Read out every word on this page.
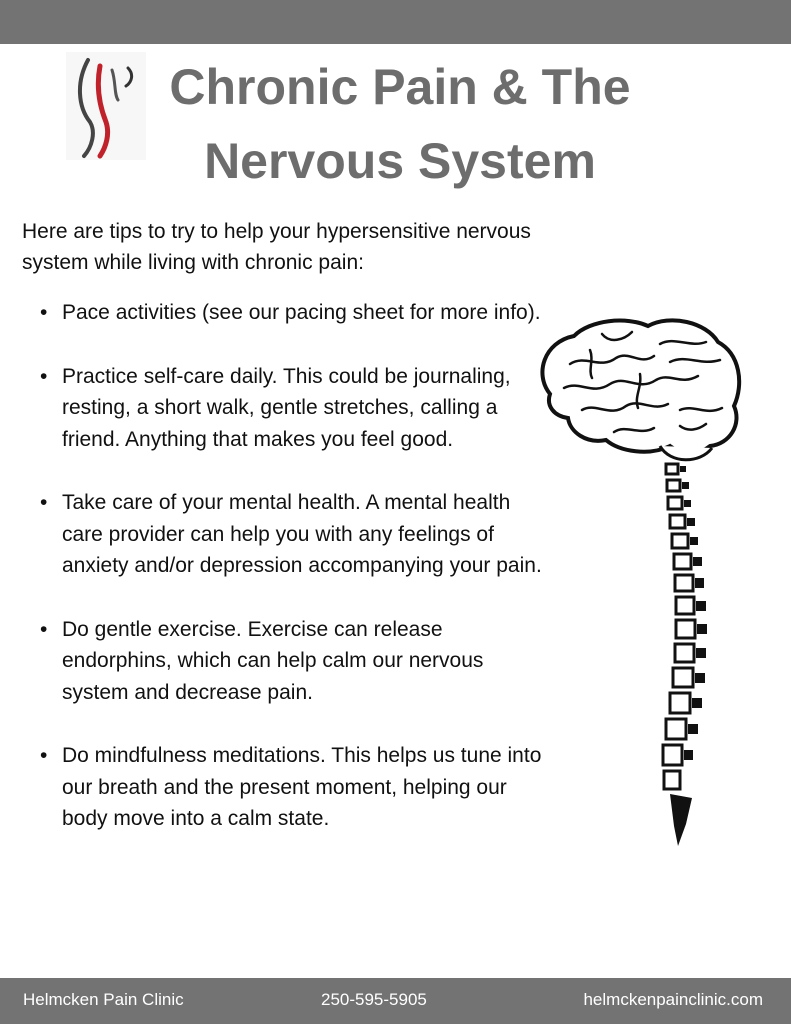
Chronic Pain & The
Nervous System

Here are tips to try to help your hypersensitive nervous system while living with chronic pain:

• Pace activities (see our pacing sheet for more info).
• Practice self-care daily. This could be journaling, resting, a short walk, gentle stretches, calling a friend. Anything that makes you feel good.
• Take care of your mental health. A mental health care provider can help you with any feelings of anxiety and/or depression accompanying your pain.
• Do gentle exercise. Exercise can release endorphins, which can help calm our nervous system and decrease pain.
• Do mindfulness meditations. This helps us tune into our breath and the present moment, helping our body move into a calm state.
Helmcken Pain Clinic	250-595-5905	helmckenpainclinic.com
